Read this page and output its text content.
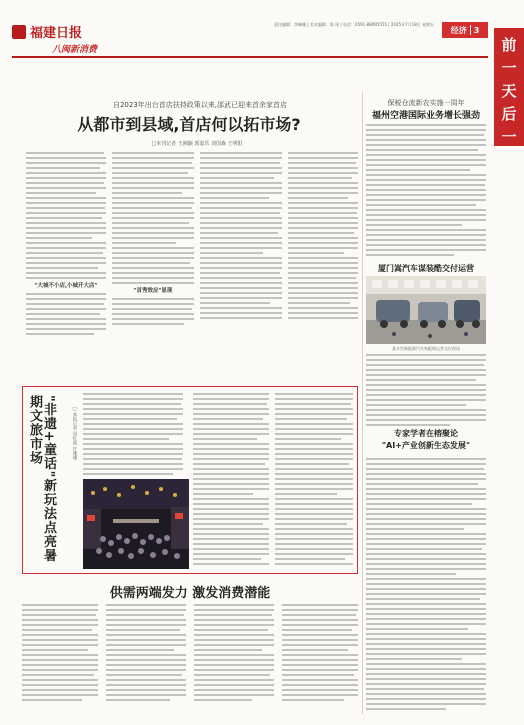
福建日报
八闽新消费
责任编辑：李佩姗 | 美术编辑：陈 瑶 | 电话：0591-88095555 | 2025年7月18日 星期五
经济 3
前
一
天
后
一
自2023年出台首店扶持政策以来,邵武已迎来首余家首店
从都市到县域,首店何以拓市场?
□本刊记者 王湘颖 郭嘉乐 刘国森 王明阳
"大城不小店,小城开大店"
"首秀效应"显现
保税仓流新农实施一周年
福州空港国际业务增长强劲
厦门嵩汽车谋装酷交付运营
某车型新能源汽车装配线运营交付现场
专家学者在榕聚论
"AI+产业创新生态发展"
"非遗+童话"新玩法点亮暑期文旅市场	□本报记者 周红霞 许珊珊
供需两端发力 激发消费潜能
